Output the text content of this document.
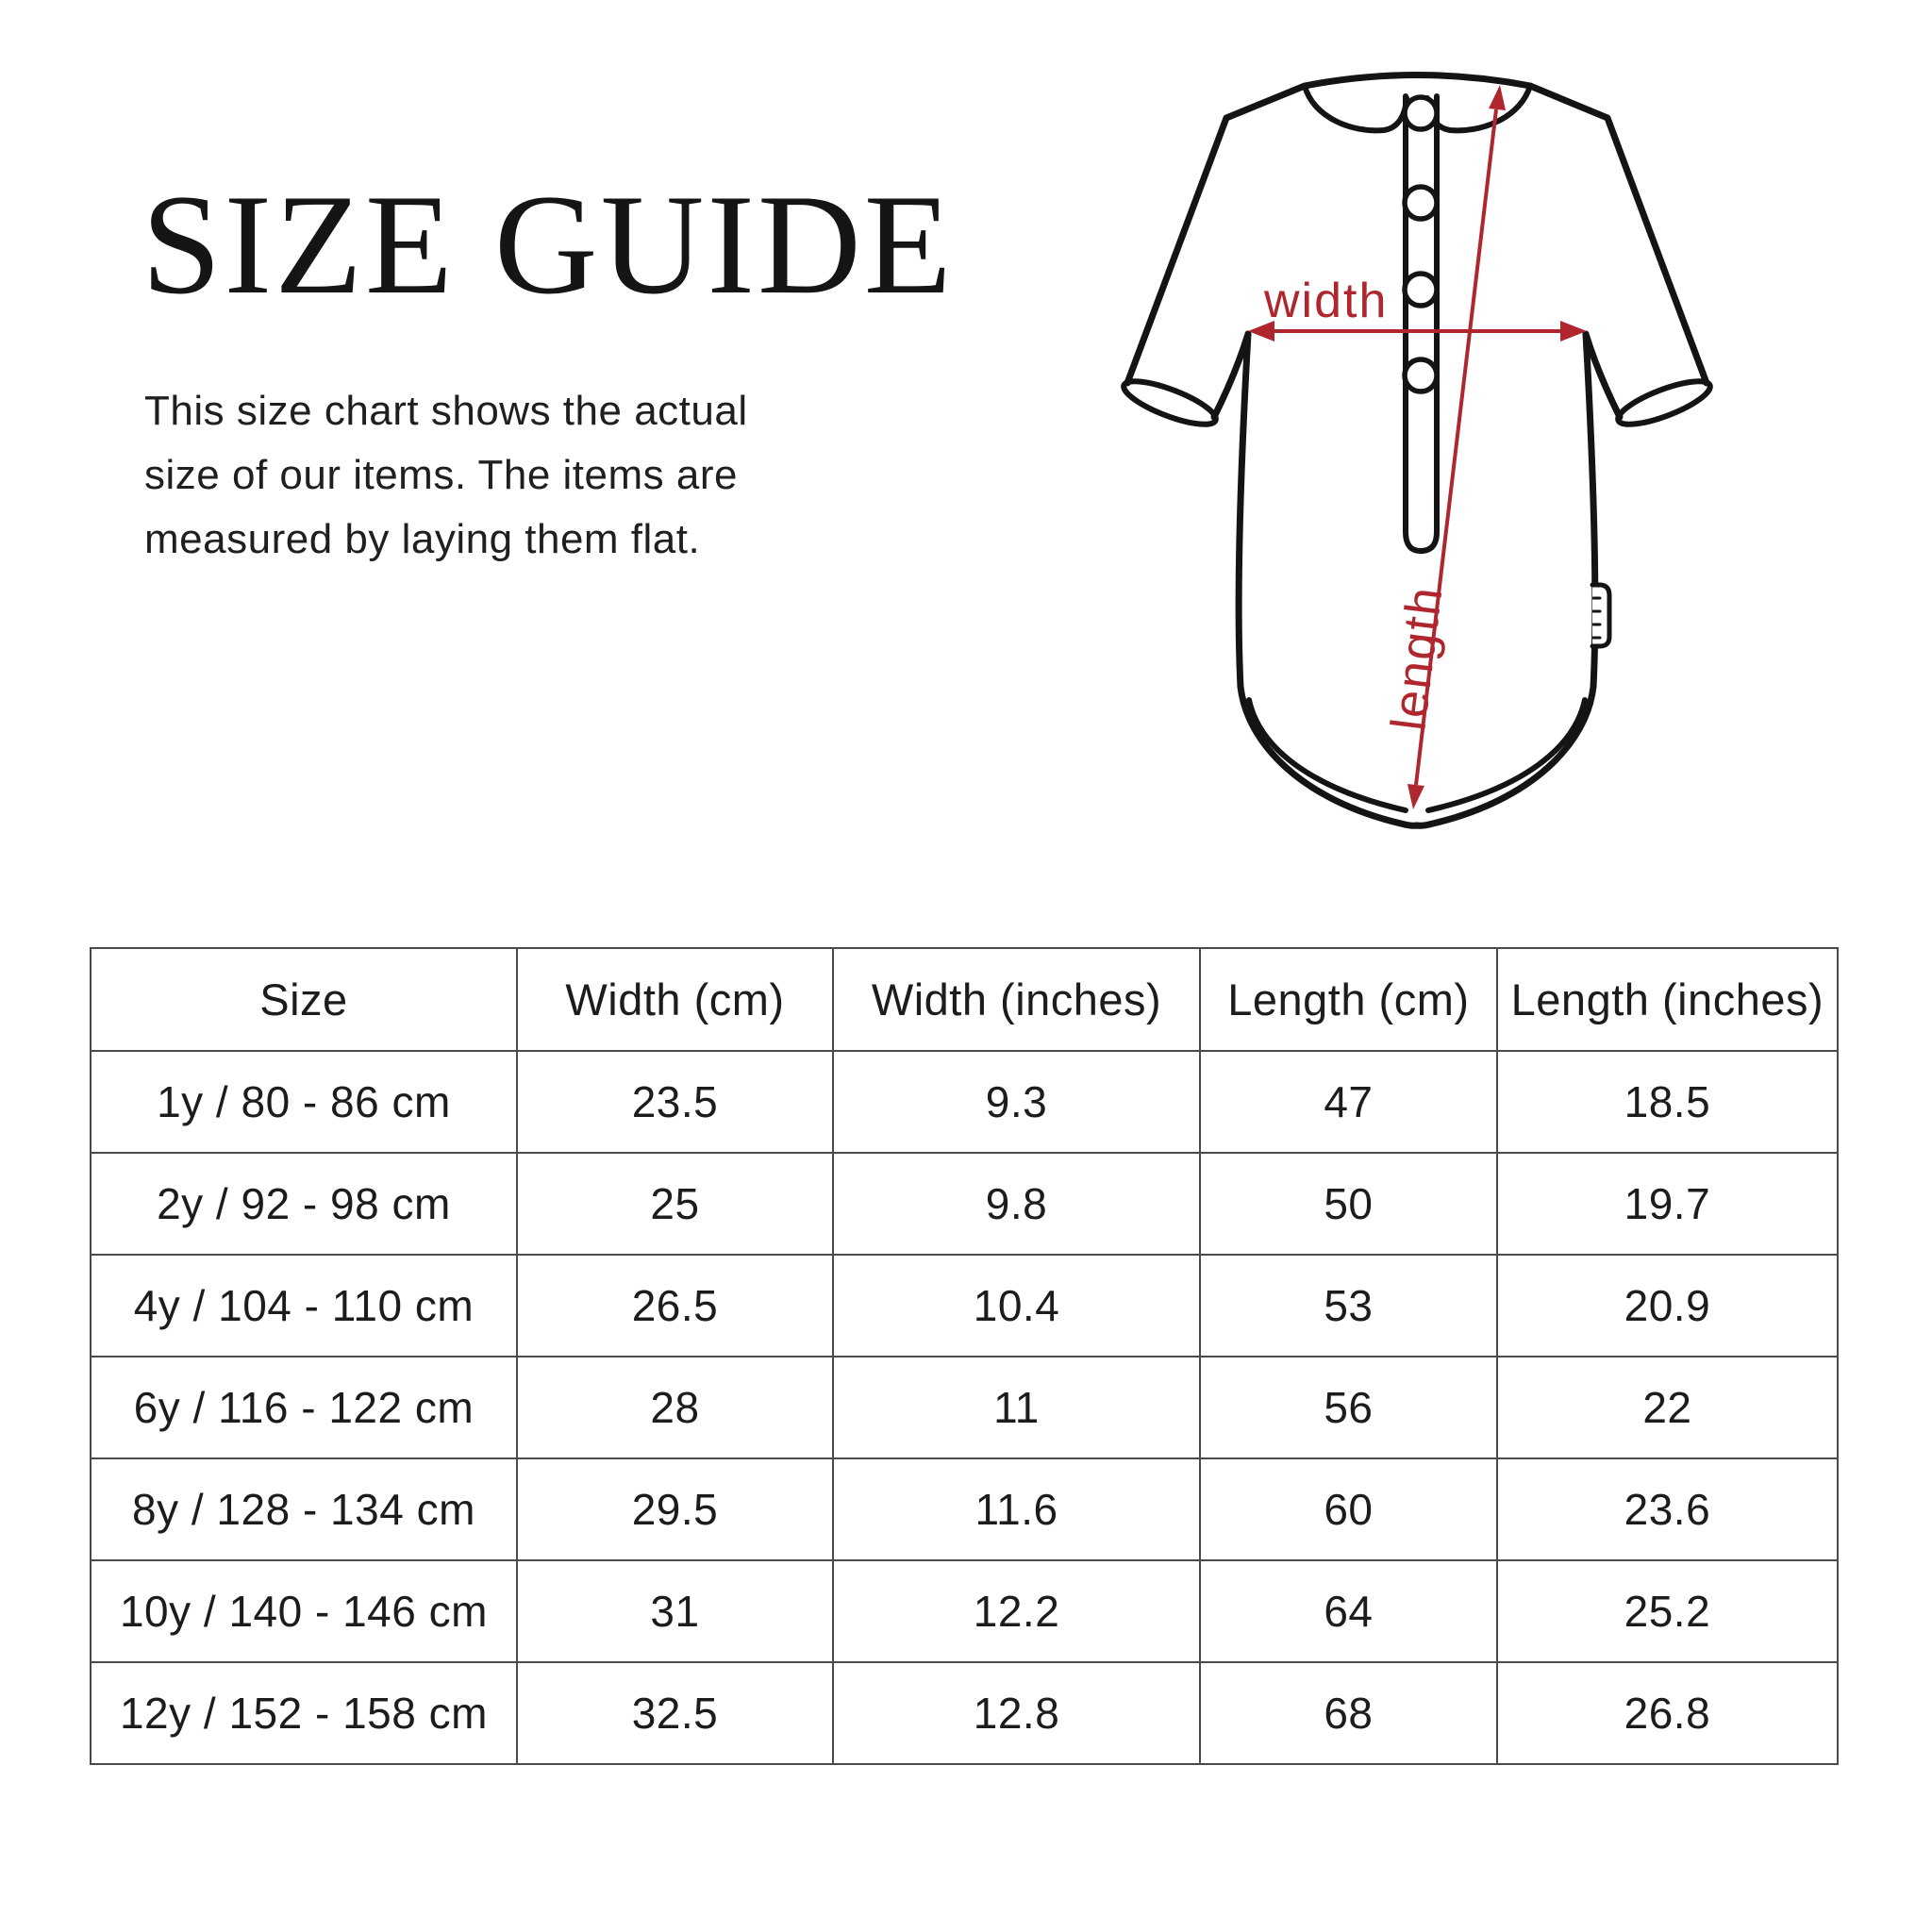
SIZE GUIDE
This size chart shows the actual
size of our items. The items are
measured by laying them flat.
width
length
Size	Width (cm)	Width (inches)	Length (cm)	Length (inches)
1y / 80 - 86 cm	23.5	9.3	47	18.5
2y / 92 - 98 cm	25	9.8	50	19.7
4y / 104 - 110 cm	26.5	10.4	53	20.9
6y / 116 - 122 cm	28	11	56	22
8y / 128 - 134 cm	29.5	11.6	60	23.6
10y / 140 - 146 cm	31	12.2	64	25.2
12y / 152 - 158 cm	32.5	12.8	68	26.8
